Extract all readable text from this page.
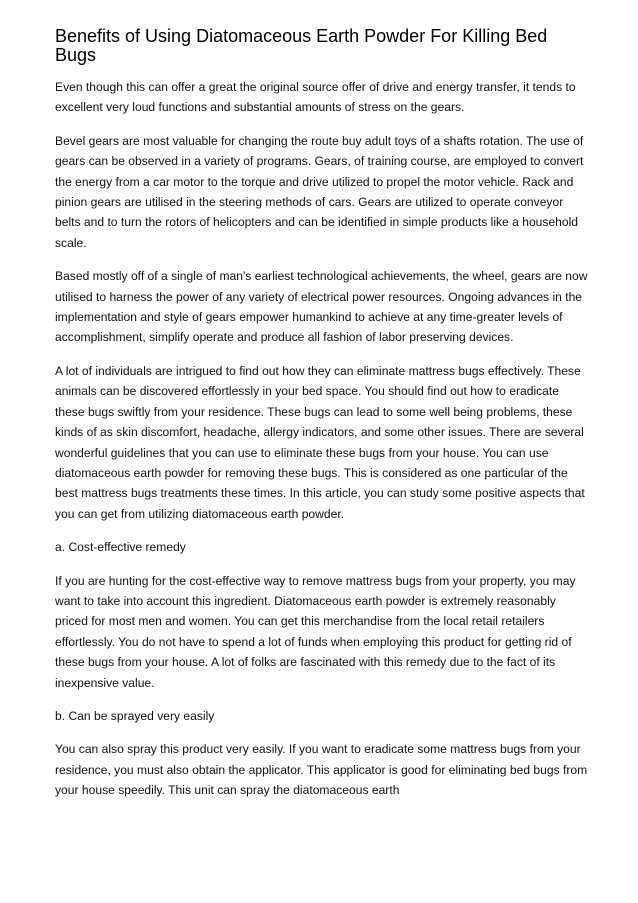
Benefits of Using Diatomaceous Earth Powder For Killing Bed Bugs

Even though this can offer a great the original source offer of drive and energy transfer, it tends to excellent very loud functions and substantial amounts of stress on the gears.

Bevel gears are most valuable for changing the route buy adult toys of a shafts rotation. The use of gears can be observed in a variety of programs. Gears, of training course, are employed to convert the energy from a car motor to the torque and drive utilized to propel the motor vehicle. Rack and pinion gears are utilised in the steering methods of cars. Gears are utilized to operate conveyor belts and to turn the rotors of helicopters and can be identified in simple products like a household scale.

Based mostly off of a single of man's earliest technological achievements, the wheel, gears are now utilised to harness the power of any variety of electrical power resources. Ongoing advances in the implementation and style of gears empower humankind to achieve at any time-greater levels of accomplishment, simplify operate and produce all fashion of labor preserving devices.

A lot of individuals are intrigued to find out how they can eliminate mattress bugs effectively. These animals can be discovered effortlessly in your bed space. You should find out how to eradicate these bugs swiftly from your residence. These bugs can lead to some well being problems, these kinds of as skin discomfort, headache, allergy indicators, and some other issues. There are several wonderful guidelines that you can use to eliminate these bugs from your house. You can use diatomaceous earth powder for removing these bugs. This is considered as one particular of the best mattress bugs treatments these times. In this article, you can study some positive aspects that you can get from utilizing diatomaceous earth powder.

a. Cost-effective remedy

If you are hunting for the cost-effective way to remove mattress bugs from your property, you may want to take into account this ingredient. Diatomaceous earth powder is extremely reasonably priced for most men and women. You can get this merchandise from the local retail retailers effortlessly. You do not have to spend a lot of funds when employing this product for getting rid of these bugs from your house. A lot of folks are fascinated with this remedy due to the fact of its inexpensive value.

b. Can be sprayed very easily

You can also spray this product very easily. If you want to eradicate some mattress bugs from your residence, you must also obtain the applicator. This applicator is good for eliminating bed bugs from your house speedily. This unit can spray the diatomaceous earth
